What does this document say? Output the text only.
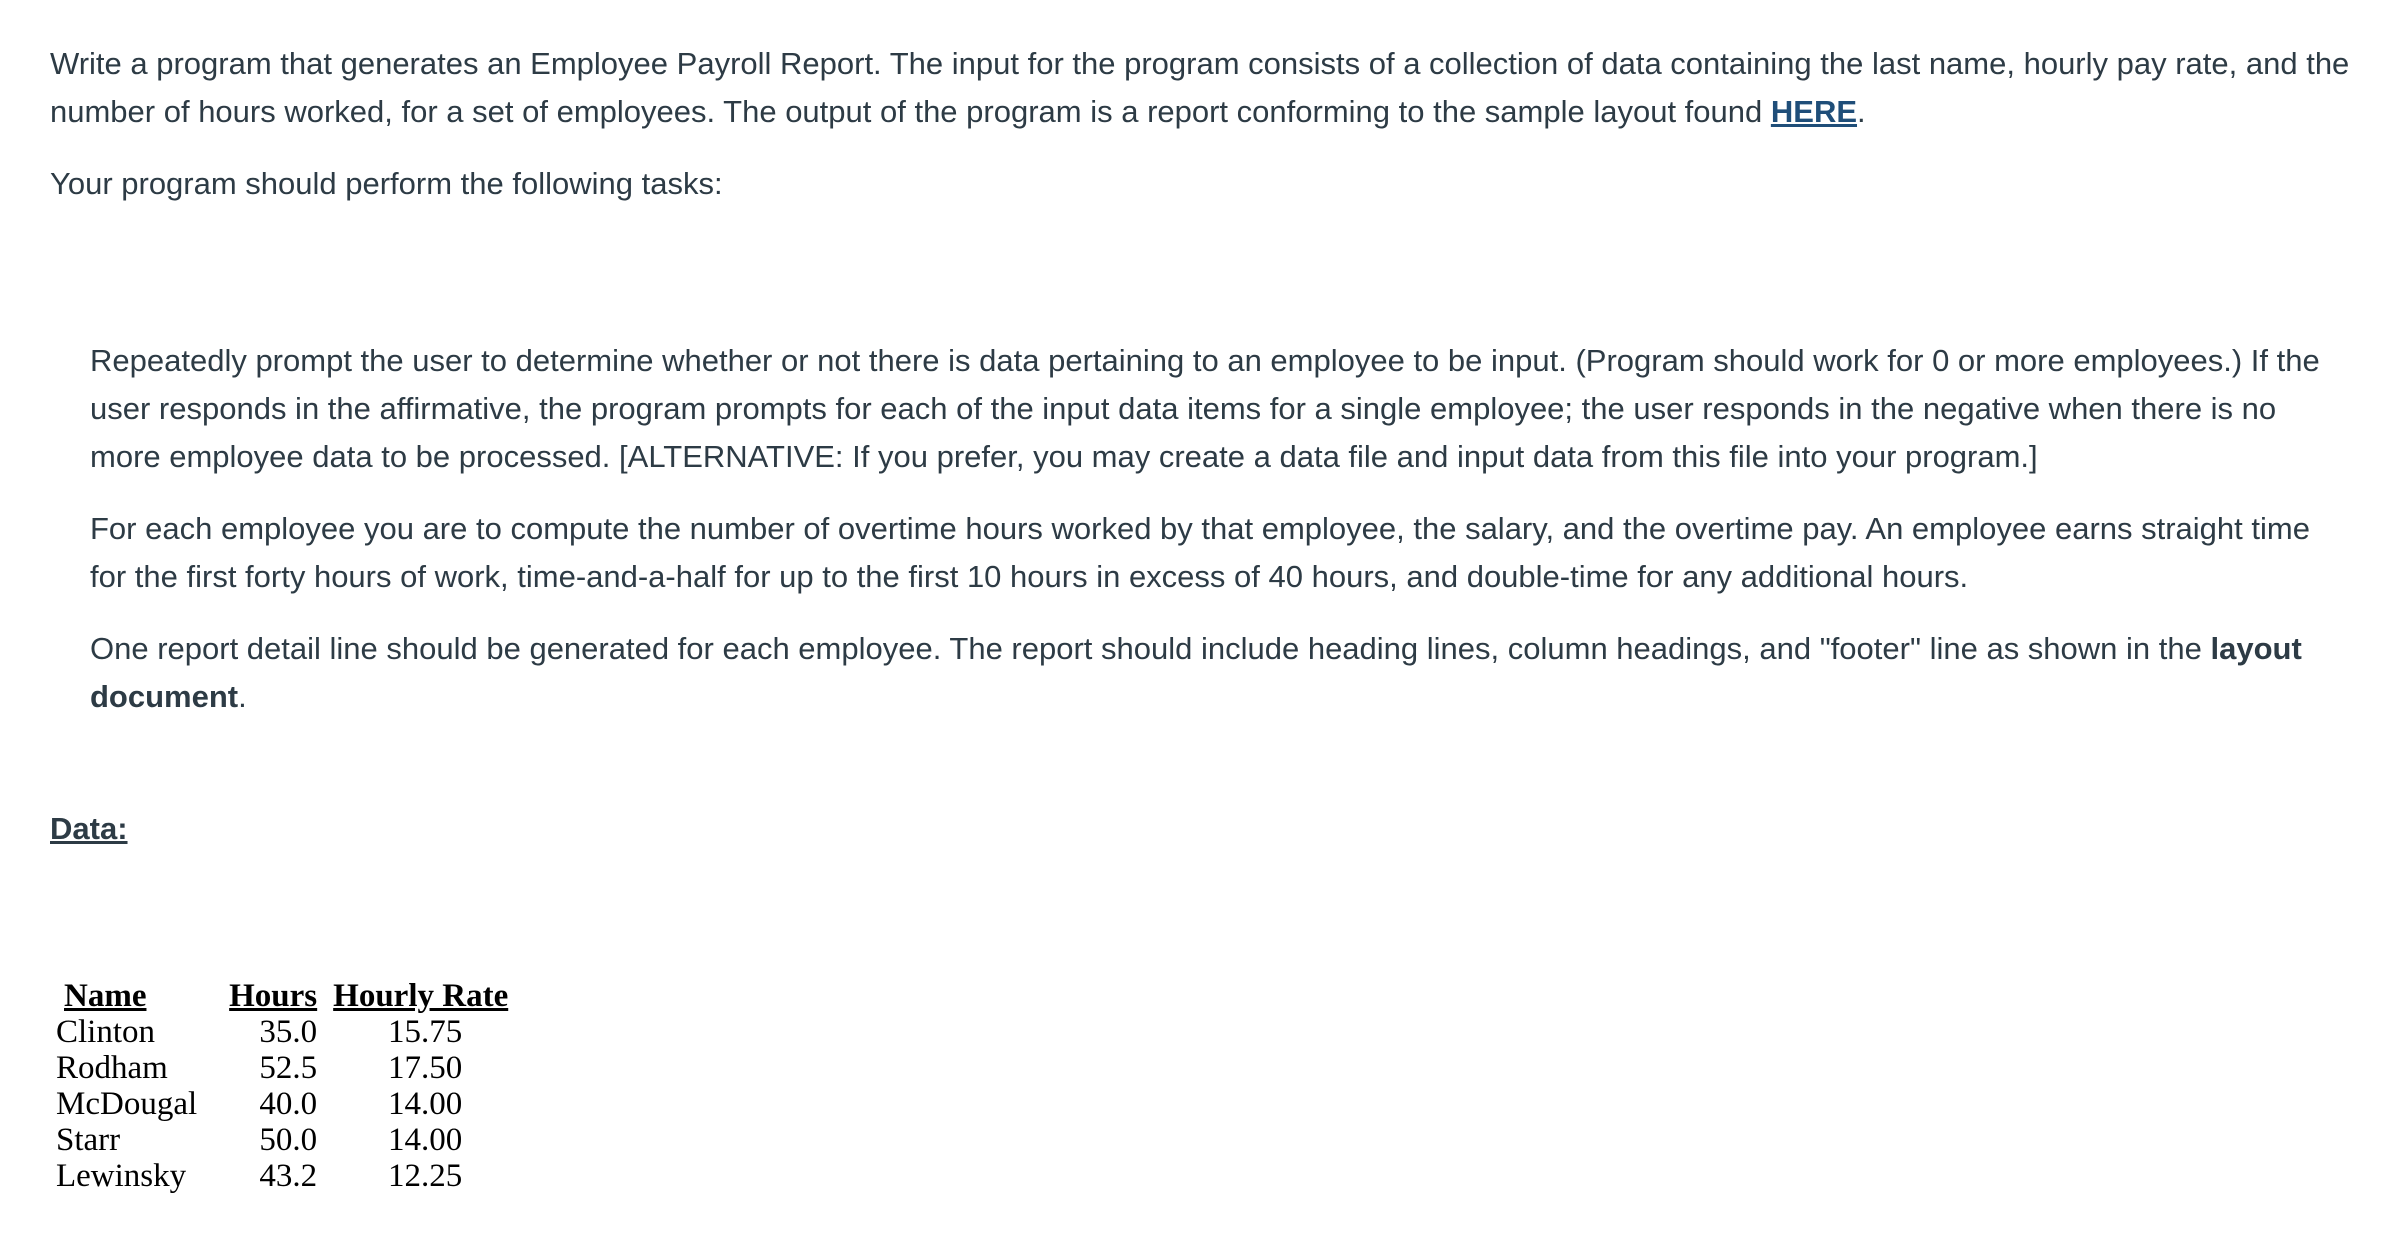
Write a program that generates an Employee Payroll Report. The input for the program consists of a collection of data containing the last name, hourly pay rate, and the number of hours worked, for a set of employees. The output of the program is a report conforming to the sample layout found HERE.

Your program should perform the following tasks:

Repeatedly prompt the user to determine whether or not there is data pertaining to an employee to be input. (Program should work for 0 or more employees.) If the user responds in the affirmative, the program prompts for each of the input data items for a single employee; the user responds in the negative when there is no more employee data to be processed. [ALTERNATIVE: If you prefer, you may create a data file and input data from this file into your program.]

For each employee you are to compute the number of overtime hours worked by that employee, the salary, and the overtime pay. An employee earns straight time for the first forty hours of work, time-and-a-half for up to the first 10 hours in excess of 40 hours, and double-time for any additional hours.

One report detail line should be generated for each employee. The report should include heading lines, column headings, and "footer" line as shown in the layout document.

Data:
Name	Hours	Hourly Rate
Clinton	35.0	15.75
Rodham	52.5	17.50
McDougal	40.0	14.00
Starr	50.0	14.00
Lewinsky	43.2	12.25
